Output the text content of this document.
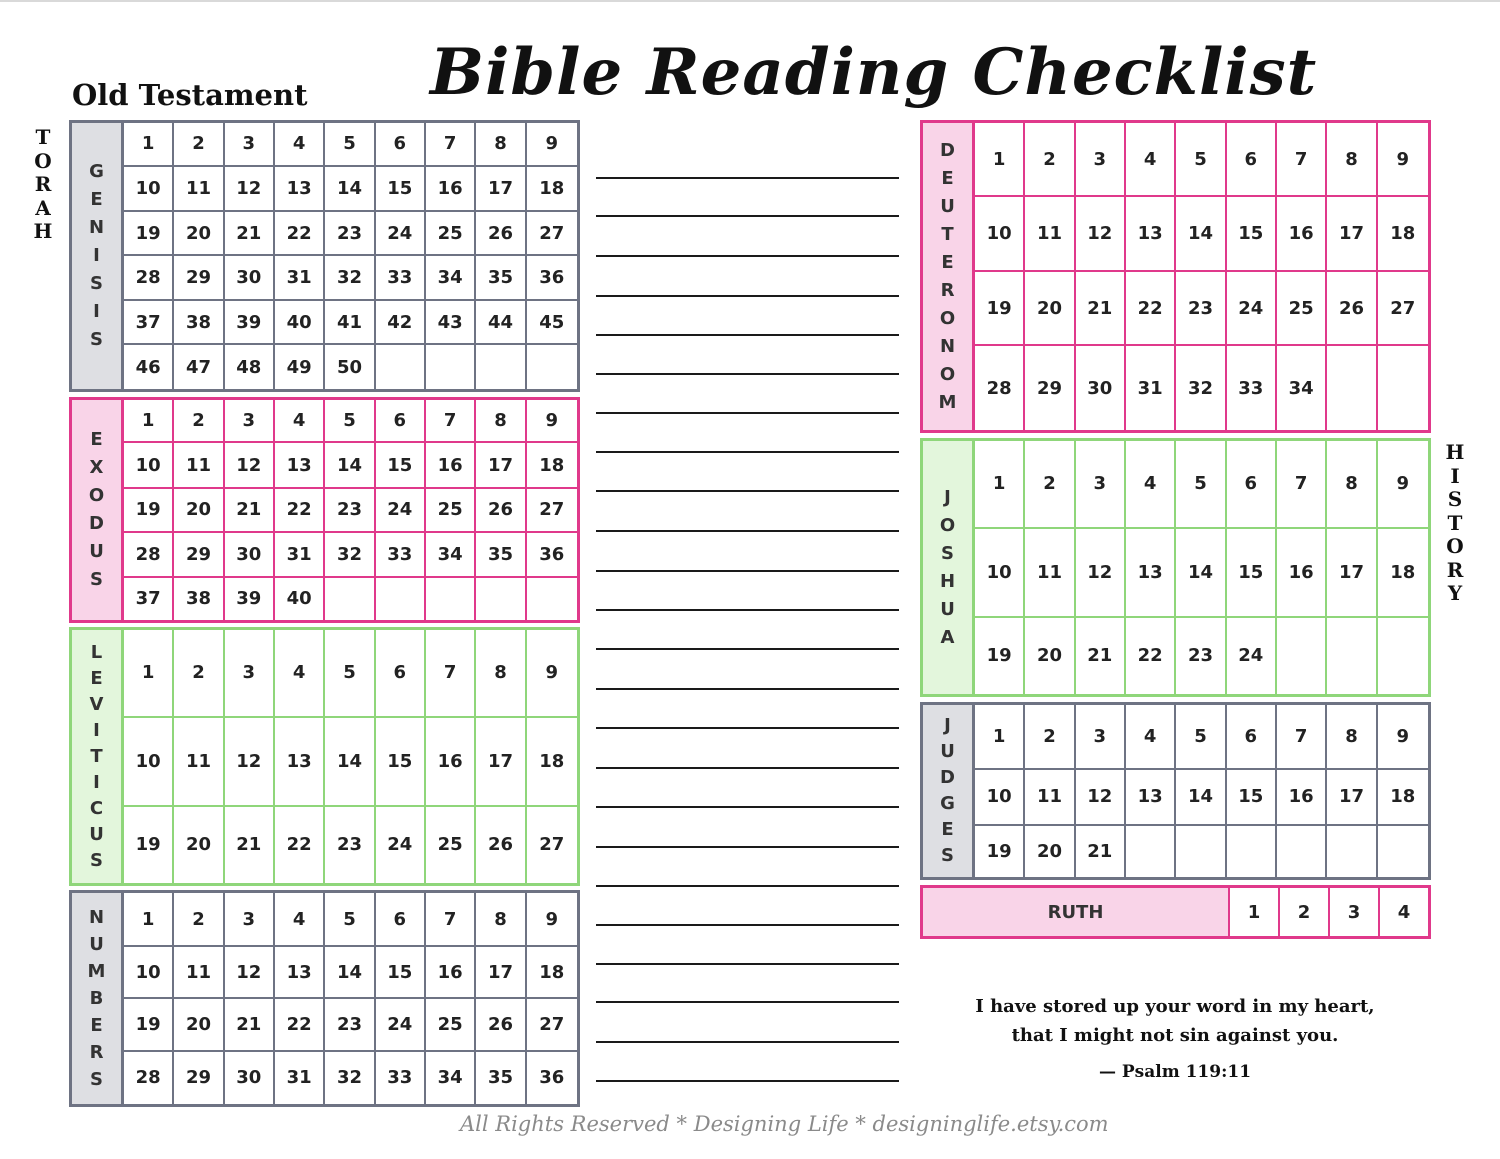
Bible Reading Checklist
Old Testament
T
O
R
A
H
H
I
S
T
O
R
Y
G
E
N
I
S
I
S
1	2	3	4	5	6	7	8	9
10	11	12	13	14	15	16	17	18
19	20	21	22	23	24	25	26	27
28	29	30	31	32	33	34	35	36
37	38	39	40	41	42	43	44	45
46	47	48	49	50
E
X
O
D
U
S
1	2	3	4	5	6	7	8	9
10	11	12	13	14	15	16	17	18
19	20	21	22	23	24	25	26	27
28	29	30	31	32	33	34	35	36
37	38	39	40
L
E
V
I
T
I
C
U
S
1	2	3	4	5	6	7	8	9
10	11	12	13	14	15	16	17	18
19	20	21	22	23	24	25	26	27
N
U
M
B
E
R
S
1	2	3	4	5	6	7	8	9
10	11	12	13	14	15	16	17	18
19	20	21	22	23	24	25	26	27
28	29	30	31	32	33	34	35	36
D
E
U
T
E
R
O
N
O
M
1	2	3	4	5	6	7	8	9
10	11	12	13	14	15	16	17	18
19	20	21	22	23	24	25	26	27
28	29	30	31	32	33	34
J
O
S
H
U
A
1	2	3	4	5	6	7	8	9
10	11	12	13	14	15	16	17	18
19	20	21	22	23	24
J
U
D
G
E
S
1	2	3	4	5	6	7	8	9
10	11	12	13	14	15	16	17	18
19	20	21
RUTH	1	2	3	4

I have stored up your word in my heart,

that I might not sin against you.

— Psalm 119:11

All Rights Reserved * Designing Life * designinglife.etsy.com
